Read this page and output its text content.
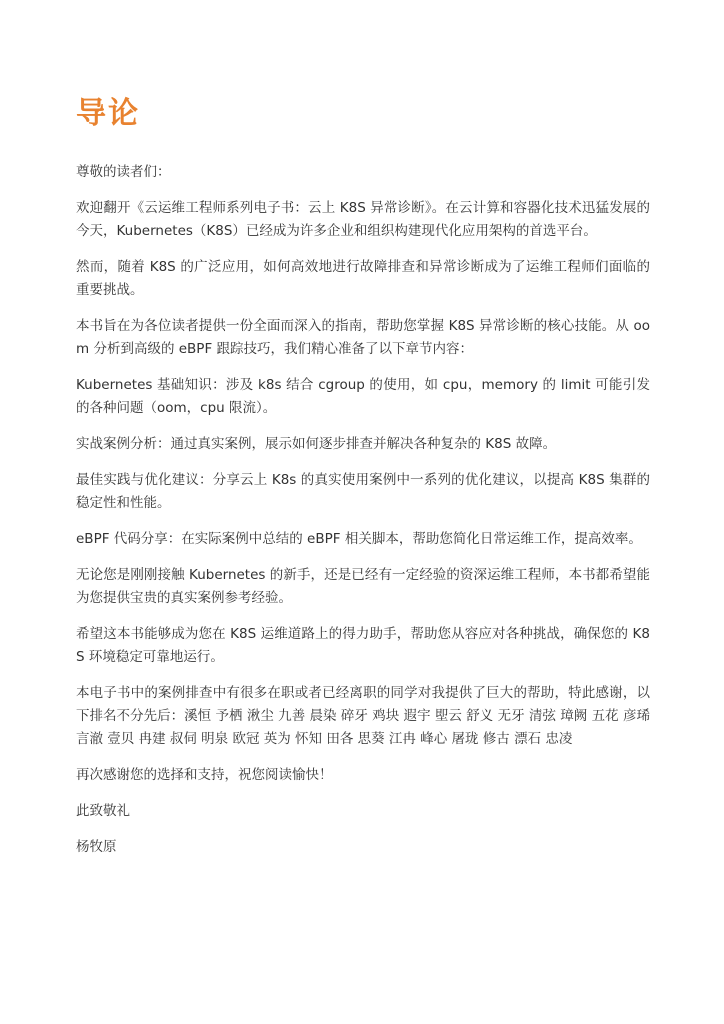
导论

尊敬的读者们：

欢迎翻开《云运维工程师系列电子书：云上 K8S 异常诊断》。在云计算和容器化技术迅猛发展的今天，Kubernetes（K8S）已经成为许多企业和组织构建现代化应用架构的首选平台。

然而，随着 K8S 的广泛应用，如何高效地进行故障排查和异常诊断成为了运维工程师们面临的重要挑战。

本书旨在为各位读者提供一份全面而深入的指南，帮助您掌握 K8S 异常诊断的核心技能。从 oom 分析到高级的 eBPF 跟踪技巧，我们精心准备了以下章节内容：

Kubernetes 基础知识：涉及 k8s 结合 cgroup 的使用，如 cpu，memory 的 limit 可能引发的各种问题（oom，cpu 限流）。

实战案例分析：通过真实案例，展示如何逐步排查并解决各种复杂的 K8S 故障。

最佳实践与优化建议：分享云上 K8s 的真实使用案例中一系列的优化建议，以提高 K8S 集群的稳定性和性能。

eBPF 代码分享：在实际案例中总结的 eBPF 相关脚本，帮助您简化日常运维工作，提高效率。

无论您是刚刚接触 Kubernetes 的新手，还是已经有一定经验的资深运维工程师，本书都希望能为您提供宝贵的真实案例参考经验。

希望这本书能够成为您在 K8S 运维道路上的得力助手，帮助您从容应对各种挑战，确保您的 K8S 环境稳定可靠地运行。

本电子书中的案例排查中有很多在职或者已经离职的同学对我提供了巨大的帮助，特此感谢，以下排名不分先后：溪恒 予栖 湫尘 九善 晨染 碎牙 鸡块 遐宇 堲云 舒义 无牙 清弦 璋阙 五花 彦琋 言澈 壹贝 冉建 叔伺 明泉 欧冠 英为 怀知 田各 思葵 江冉 峰心 屠珑 修古 漂石 忠凌

再次感谢您的选择和支持，祝您阅读愉快！

此致敬礼

杨牧原
